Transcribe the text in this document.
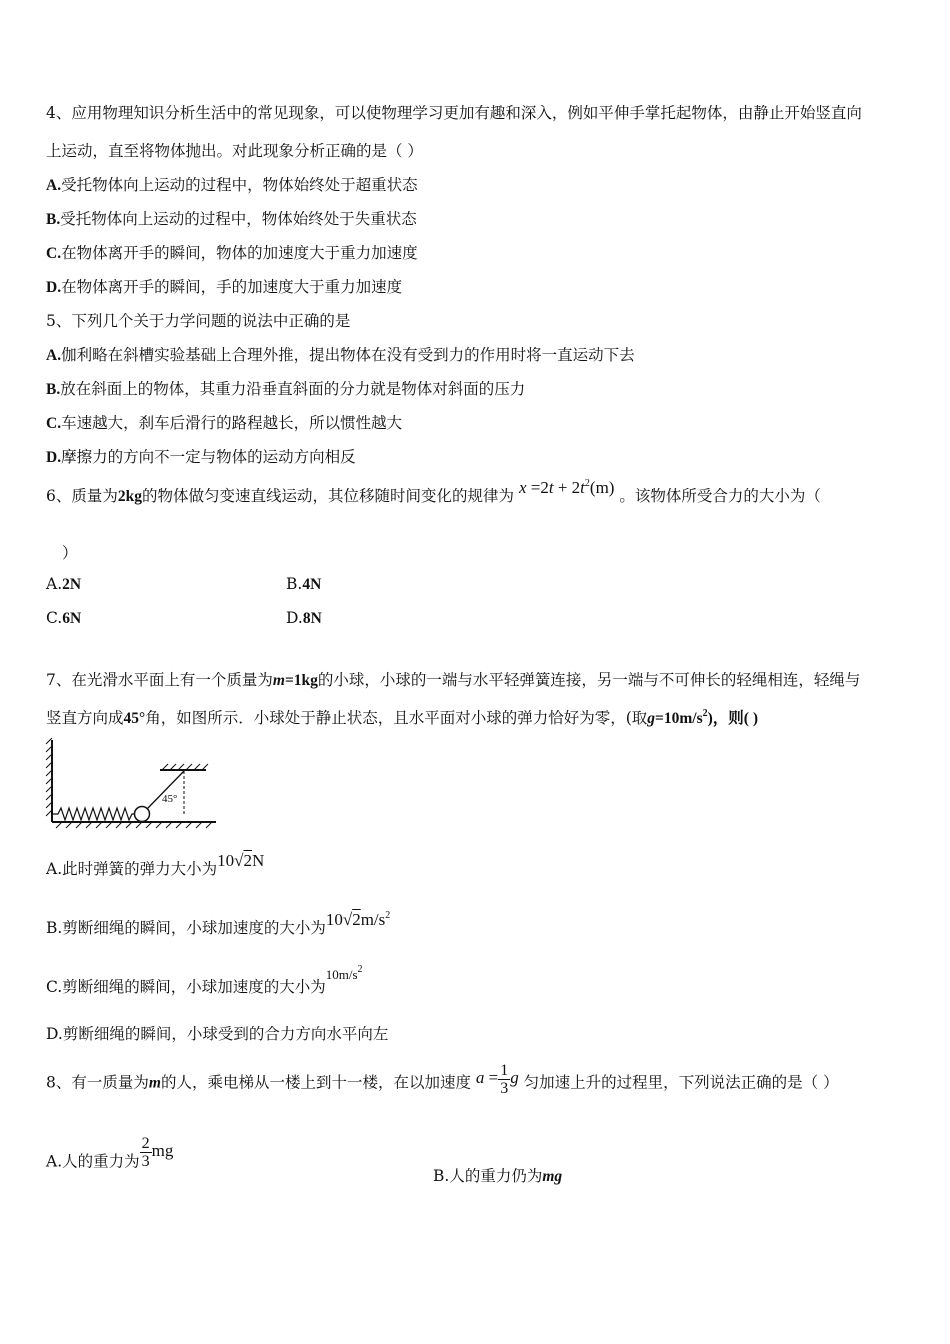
4、应用物理知识分析生活中的常见现象，可以使物理学习更加有趣和深入，例如平伸手掌托起物体，由静止开始竖直向
上运动，直至将物体抛出。对此现象分析正确的是（ ）
A.受托物体向上运动的过程中，物体始终处于超重状态
B.受托物体向上运动的过程中，物体始终处于失重状态
C.在物体离开手的瞬间，物体的加速度大于重力加速度
D.在物体离开手的瞬间，手的加速度大于重力加速度
5、下列几个关于力学问题的说法中正确的是
A.伽利略在斜槽实验基础上合理外推，提出物体在没有受到力的作用时将一直运动下去
B.放在斜面上的物体，其重力沿垂直斜面的分力就是物体对斜面的压力
C.车速越大，刹车后滑行的路程越长，所以惯性越大
D.摩擦力的方向不一定与物体的运动方向相反
6、质量为2kg的物体做匀变速直线运动，其位移随时间变化的规律为 $x =2t + 2t^2(m)$ 。该物体所受合力的大小为（
）
A.2N	B.4N
C.6N	D.8N
7、在光滑水平面上有一个质量为m=1kg的小球，小球的一端与水平轻弹簧连接，另一端与不可伸长的轻绳相连，轻绳与
竖直方向成45°角，如图所示．小球处于静止状态，且水平面对小球的弹力恰好为零，(取$g=10m/s^2$)，则( )
45°
A.此时弹簧的弹力大小为10√2N
B.剪断细绳的瞬间，小球加速度的大小为$10√2m/s^2$
C.剪断细绳的瞬间，小球加速度的大小为$^{10m/s^2}$
D.剪断细绳的瞬间，小球受到的合力方向水平向左
8、有一质量为m的人，乘电梯从一楼上到十一楼，在以加速度 $a = \frac{1}{3}$ g 匀加速上升的过程里，下列说法正确的是（ ）
A.人的重力为 $\frac{2}{3}$ mg
B.人的重力仍为mg
